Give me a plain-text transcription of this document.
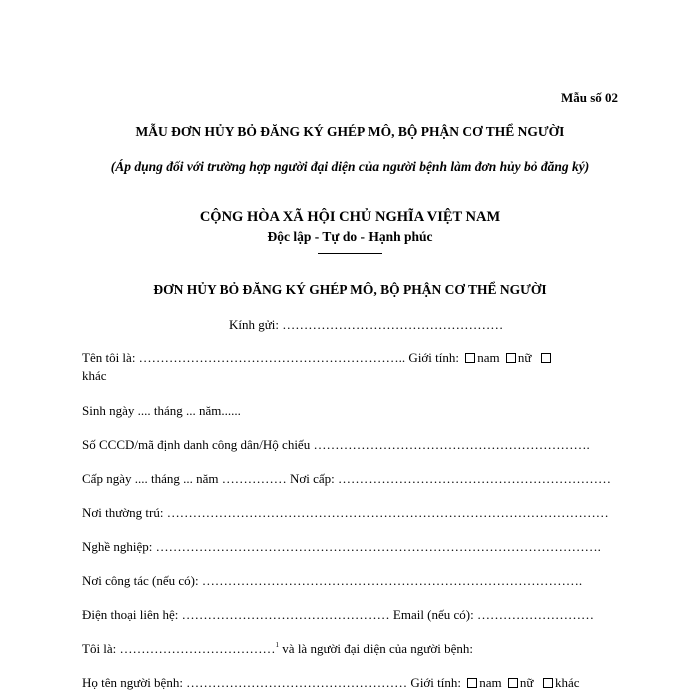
Mẫu số 02
MẪU ĐƠN HỦY BỎ ĐĂNG KÝ GHÉP MÔ, BỘ PHẬN CƠ THỂ NGƯỜI
(Áp dụng đối với trường hợp người đại diện của người bệnh làm đơn hủy bỏ đăng ký)
CỘNG HÒA XÃ HỘI CHỦ NGHĨA VIỆT NAM
Độc lập - Tự do - Hạnh phúc
ĐƠN HỦY BỎ ĐĂNG KÝ GHÉP MÔ, BỘ PHẬN CƠ THỂ NGƯỜI
Kính gửi: ……………………………………………
Tên tôi là: …………………………………………………….. Giới tính: nam nữ
khác
Sinh ngày .... tháng ... năm......
Số CCCD/mã định danh công dân/Hộ chiếu ……………………………………………………….
Cấp ngày .... tháng ... năm …………… Nơi cấp: ………………………………………………………
Nơi thường trú: …………………………………………………………………………………………
Nghề nghiệp: ………………………………………………………………………………………….
Nơi công tác (nếu có): …………………………………………………………………………….
Điện thoại liên hệ: ………………………………………… Email (nếu có): ………………………
Tôi là: ………………………………$^1$ và là người đại diện của người bệnh:
Họ tên người bệnh: …………………………………………… Giới tính: nam nữ khác
